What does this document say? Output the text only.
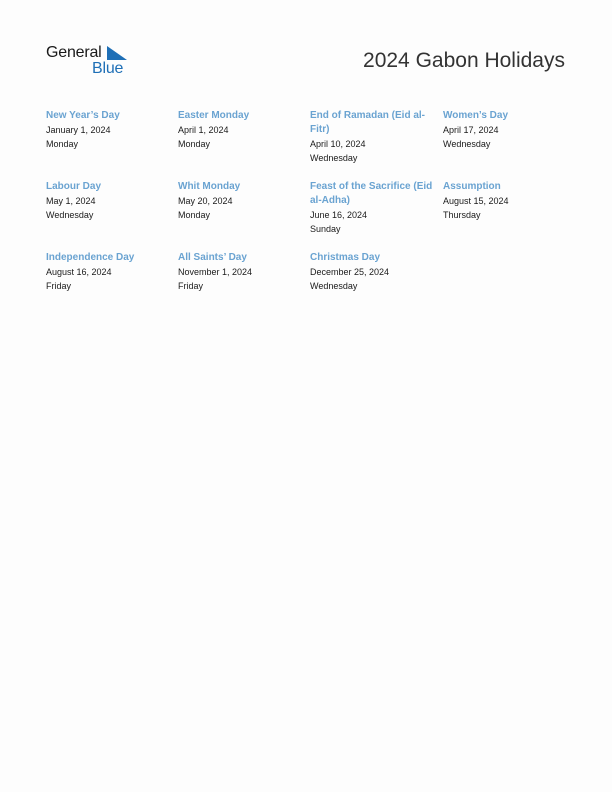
General
Blue	2024 Gabon Holidays
New Year’s Day
January 1, 2024
Monday
Easter Monday
April 1, 2024
Monday
End of Ramadan (Eid al-Fitr)
April 10, 2024
Wednesday
Women’s Day
April 17, 2024
Wednesday
Labour Day
May 1, 2024
Wednesday
Whit Monday
May 20, 2024
Monday
Feast of the Sacrifice (Eid al-Adha)
June 16, 2024
Sunday
Assumption
August 15, 2024
Thursday
Independence Day
August 16, 2024
Friday
All Saints’ Day
November 1, 2024
Friday
Christmas Day
December 25, 2024
Wednesday
